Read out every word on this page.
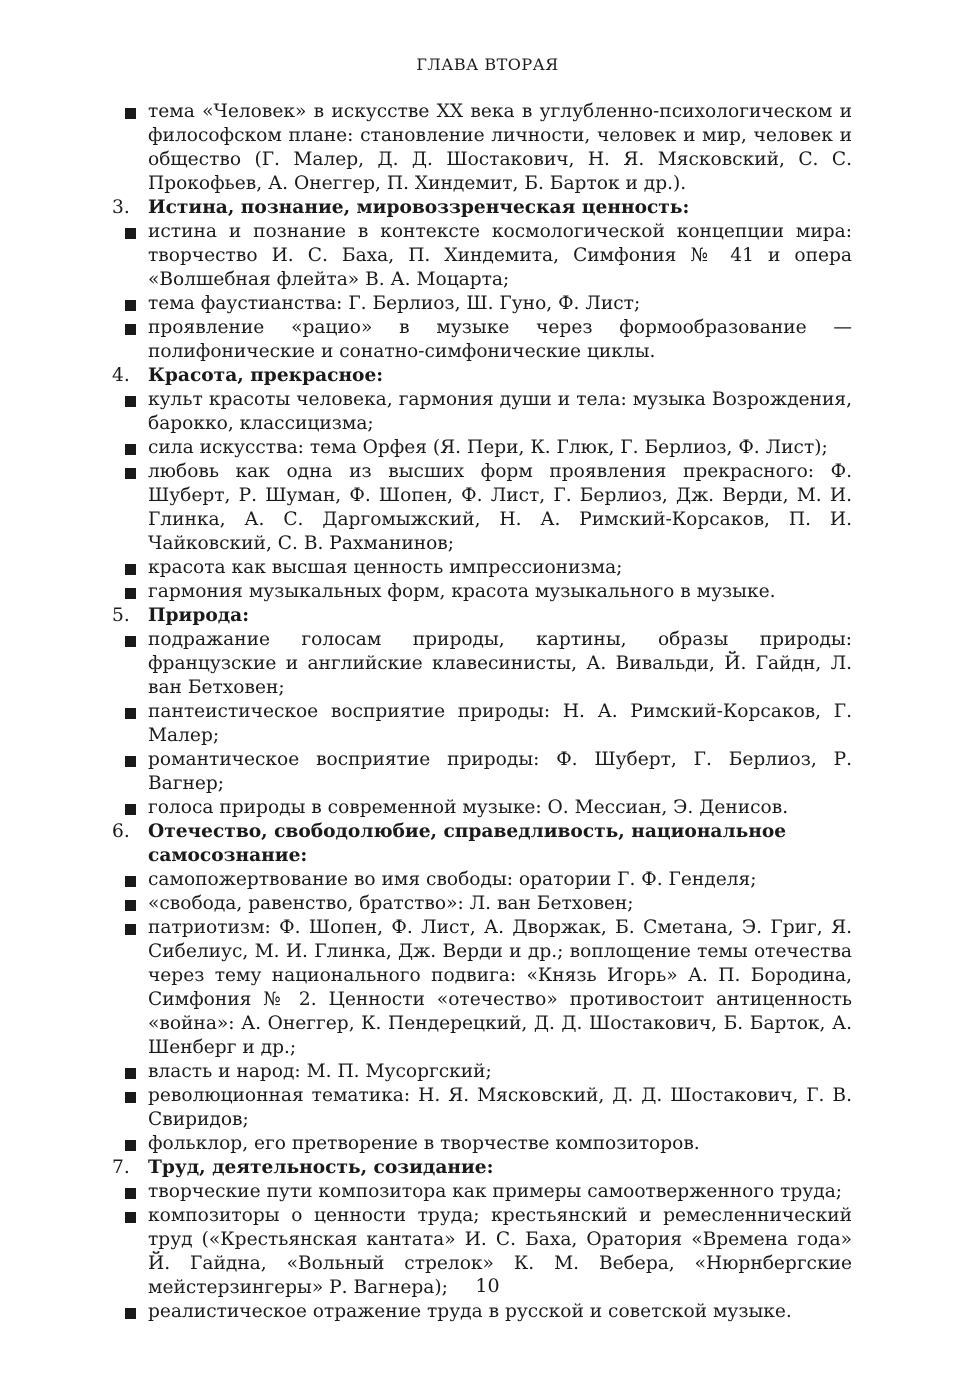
ГЛАВА ВТОРАЯ
тема «Человек» в искусстве XX века в углубленно-психологическом и философском плане: становление личности, человек и мир, человек и общество (Г. Малер, Д. Д. Шостакович, Н. Я. Мясковский, С. С. Прокофьев, А. Онеггер, П. Хиндемит, Б. Барток и др.).
3. Истина, познание, мировоззренческая ценность:
истина и познание в контексте космологической концепции мира: творчество И. С. Баха, П. Хиндемита, Симфония № 41 и опера «Волшебная флейта» В. А. Моцарта;
тема фаустианства: Г. Берлиоз, Ш. Гуно, Ф. Лист;
проявление «рацио» в музыке через формообразование — полифонические и сонатно-симфонические циклы.
4. Красота, прекрасное:
культ красоты человека, гармония души и тела: музыка Возрождения, барокко, классицизма;
сила искусства: тема Орфея (Я. Пери, К. Глюк, Г. Берлиоз, Ф. Лист);
любовь как одна из высших форм проявления прекрасного: Ф. Шуберт, Р. Шуман, Ф. Шопен, Ф. Лист, Г. Берлиоз, Дж. Верди, М. И. Глинка, А. С. Даргомыжский, Н. А. Римский-Корсаков, П. И. Чайковский, С. В. Рахманинов;
красота как высшая ценность импрессионизма;
гармония музыкальных форм, красота музыкального в музыке.
5. Природа:
подражание голосам природы, картины, образы природы: французские и английские клавесинисты, А. Вивальди, Й. Гайдн, Л. ван Бетховен;
пантеистическое восприятие природы: Н. А. Римский-Корсаков, Г. Малер;
романтическое восприятие природы: Ф. Шуберт, Г. Берлиоз, Р. Вагнер;
голоса природы в современной музыке: О. Мессиан, Э. Денисов.
6. Отечество, свободолюбие, справедливость, национальное самосознание:
самопожертвование во имя свободы: оратории Г. Ф. Генделя;
«свобода, равенство, братство»: Л. ван Бетховен;
патриотизм: Ф. Шопен, Ф. Лист, А. Дворжак, Б. Сметана, Э. Григ, Я. Сибелиус, М. И. Глинка, Дж. Верди и др.; воплощение темы отечества через тему национального подвига: «Князь Игорь» А. П. Бородина, Симфония № 2. Ценности «отечество» противостоит антиценность «война»: А. Онеггер, К. Пендерецкий, Д. Д. Шостакович, Б. Барток, А. Шенберг и др.;
власть и народ: М. П. Мусоргский;
революционная тематика: Н. Я. Мясковский, Д. Д. Шостакович, Г. В. Свиридов;
фольклор, его претворение в творчестве композиторов.
7. Труд, деятельность, созидание:
творческие пути композитора как примеры самоотверженного труда;
композиторы о ценности труда; крестьянский и ремесленнический труд («Крестьянская кантата» И. С. Баха, Оратория «Времена года» Й. Гайдна, «Вольный стрелок» К. М. Вебера, «Нюрнбергские мейстерзингеры» Р. Вагнера);
реалистическое отражение труда в русской и советской музыке.
10
